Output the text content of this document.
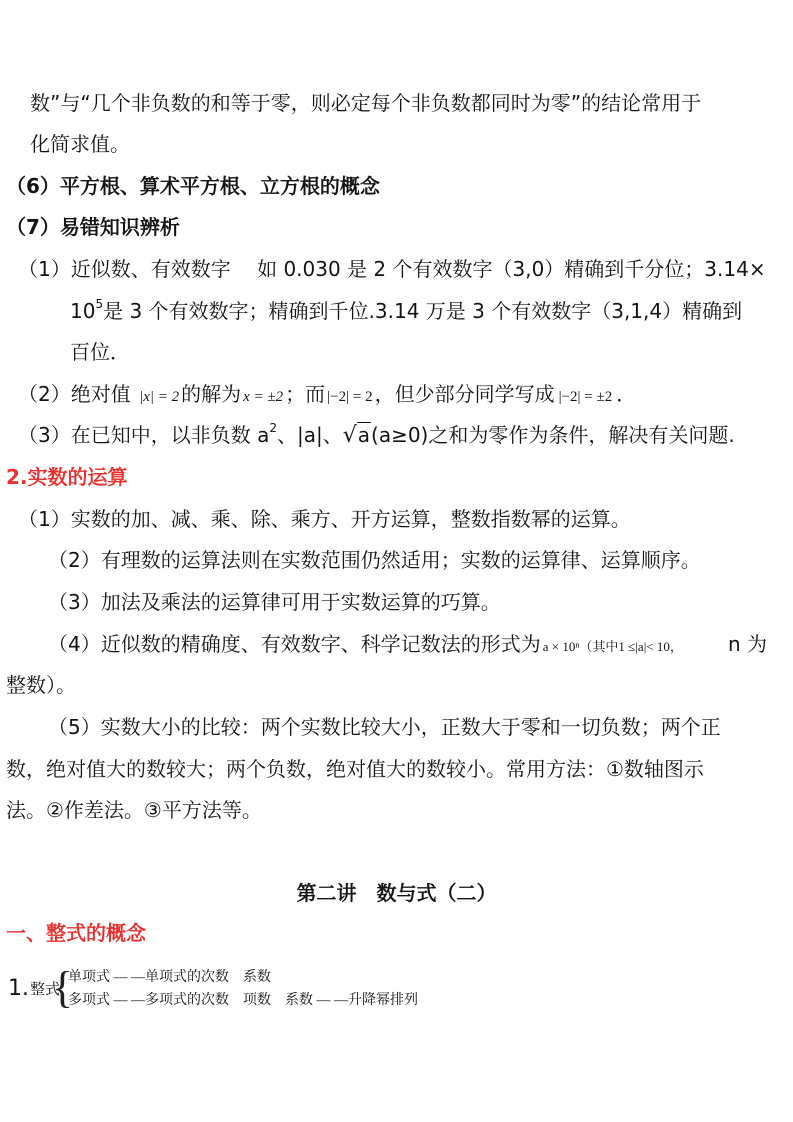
数”与“几个非负数的和等于零，则必定每个非负数都同时为零”的结论常用于
化简求值。
（6）平方根、算术平方根、立方根的概念
（7）易错知识辨析
（1）近似数、有效数字　 如 0.030 是 2 个有效数字（3,0）精确到千分位；3.14×
$10^5$是 3 个有效数字；精确到千位.3.14 万是 3 个有效数字（3,1,4）精确到
百位．
（2）绝对值 |x| = 2 的解为 x = ±2 ；而 |−2| = 2 ，但少部分同学写成 |−2| = ±2 ．
（3）在已知中，以非负数 $a^2$、|a|、√a(a≥0)之和为零作为条件，解决有关问题.
2.实数的运算
（1）实数的加、减、乘、除、乘方、开方运算，整数指数幂的运算。
（2）有理数的运算法则在实数范围仍然适用；实数的运算律、运算顺序。
（3）加法及乘法的运算律可用于实数运算的巧算。
（4）近似数的精确度、有效数字、科学记数法的形式为 a × 10ⁿ（其中1 ≤|a|< 10， n 为
整数）。
（5）实数大小的比较：两个实数比较大小，正数大于零和一切负数；两个正
数，绝对值大的数较大；两个负数，绝对值大的数较小。常用方法：①数轴图示
法。②作差法。③平方法等。
第二讲　数与式（二）
一、整式的概念
1. 整式
{
单项式 — —单项式的次数　系数
多项式 — —多项式的次数　项数　系数 — —升降幂排列
